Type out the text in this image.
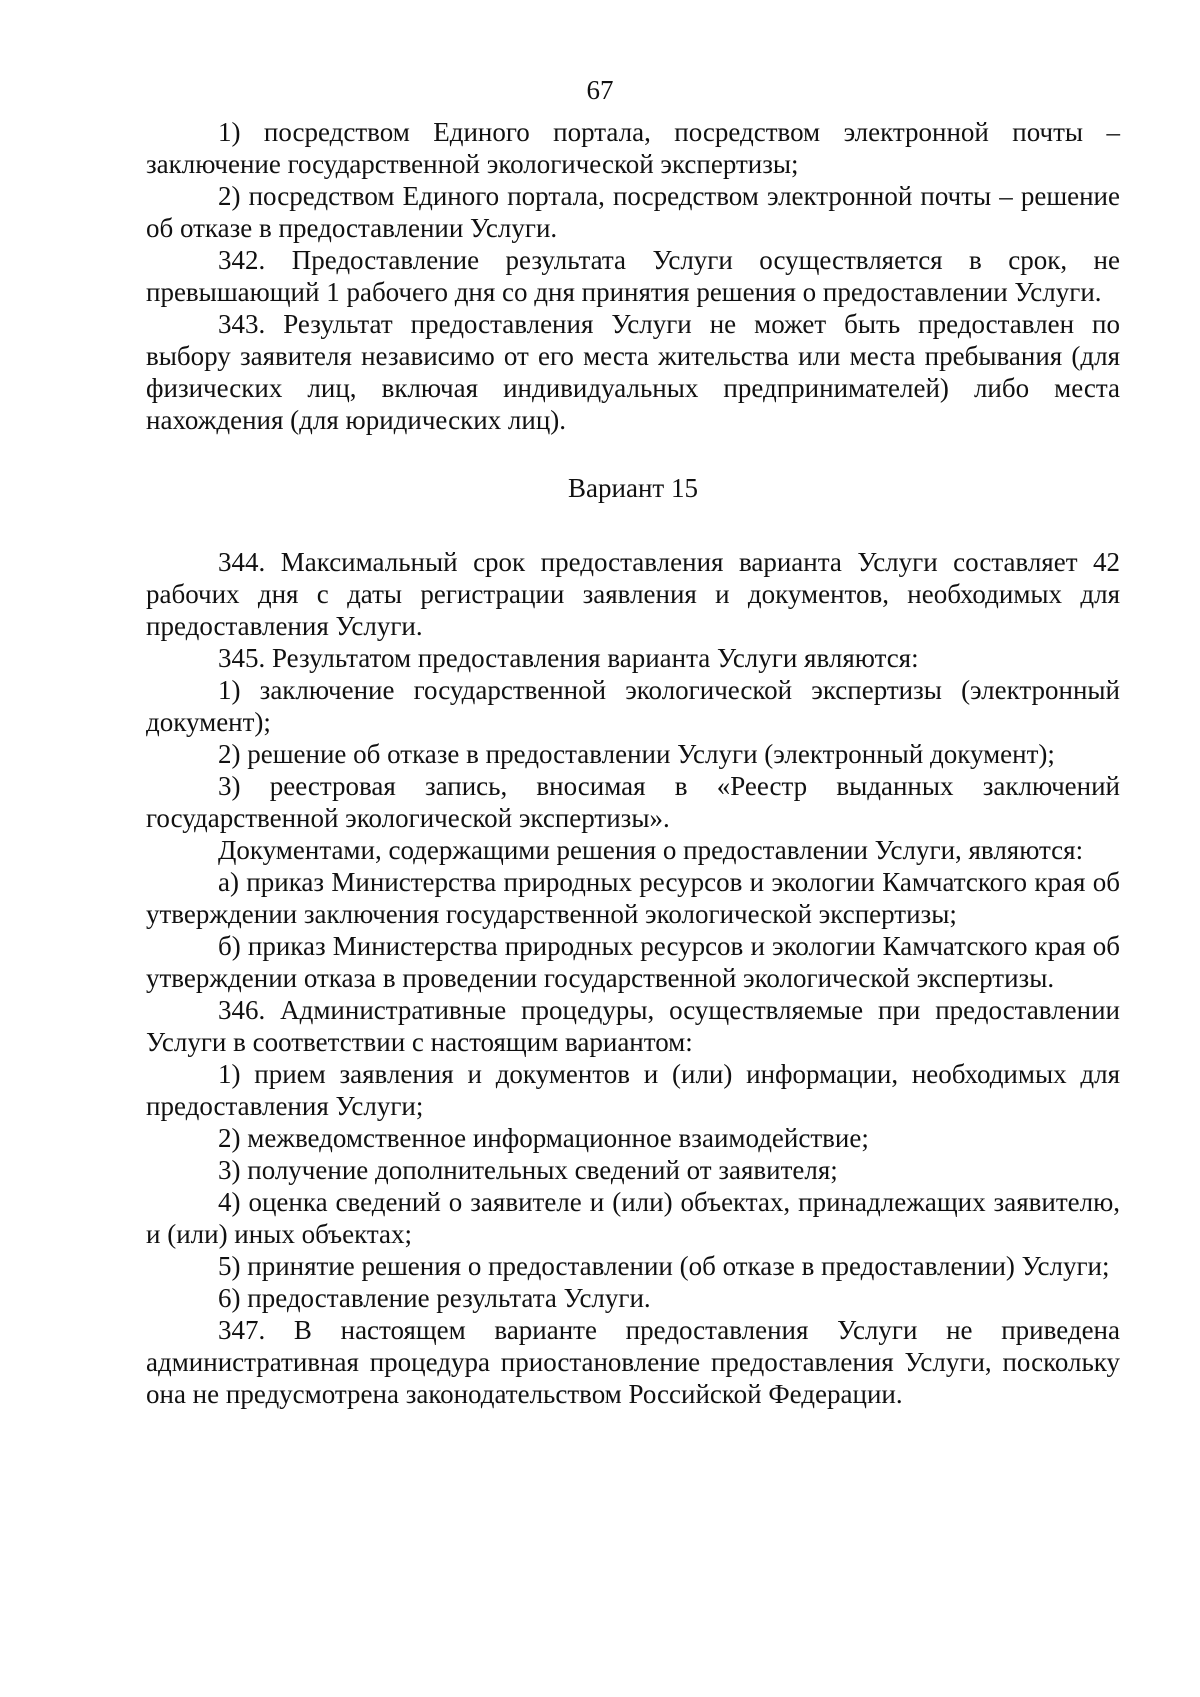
67

1) посредством Единого портала, посредством электронной почты – заключение государственной экологической экспертизы;

2) посредством Единого портала, посредством электронной почты – решение об отказе в предоставлении Услуги.

342. Предоставление результата Услуги осуществляется в срок, не превышающий 1 рабочего дня со дня принятия решения о предоставлении Услуги.

343. Результат предоставления Услуги не может быть предоставлен по выбору заявителя независимо от его места жительства или места пребывания (для физических лиц, включая индивидуальных предпринимателей) либо места нахождения (для юридических лиц).

Вариант 15

344. Максимальный срок предоставления варианта Услуги составляет 42 рабочих дня с даты регистрации заявления и документов, необходимых для предоставления Услуги.

345. Результатом предоставления варианта Услуги являются:

1) заключение государственной экологической экспертизы (электронный документ);

2) решение об отказе в предоставлении Услуги (электронный документ);

3) реестровая запись, вносимая в «Реестр выданных заключений государственной экологической экспертизы».

Документами, содержащими решения о предоставлении Услуги, являются:

а) приказ Министерства природных ресурсов и экологии Камчатского края об утверждении заключения государственной экологической экспертизы;

б) приказ Министерства природных ресурсов и экологии Камчатского края об утверждении отказа в проведении государственной экологической экспертизы.

346. Административные процедуры, осуществляемые при предоставлении Услуги в соответствии с настоящим вариантом:

1) прием заявления и документов и (или) информации, необходимых для предоставления Услуги;

2) межведомственное информационное взаимодействие;

3) получение дополнительных сведений от заявителя;

4) оценка сведений о заявителе и (или) объектах, принадлежащих заявителю, и (или) иных объектах;

5) принятие решения о предоставлении (об отказе в предоставлении) Услуги;

6) предоставление результата Услуги.

347. В настоящем варианте предоставления Услуги не приведена административная процедура приостановление предоставления Услуги, поскольку она не предусмотрена законодательством Российской Федерации.
